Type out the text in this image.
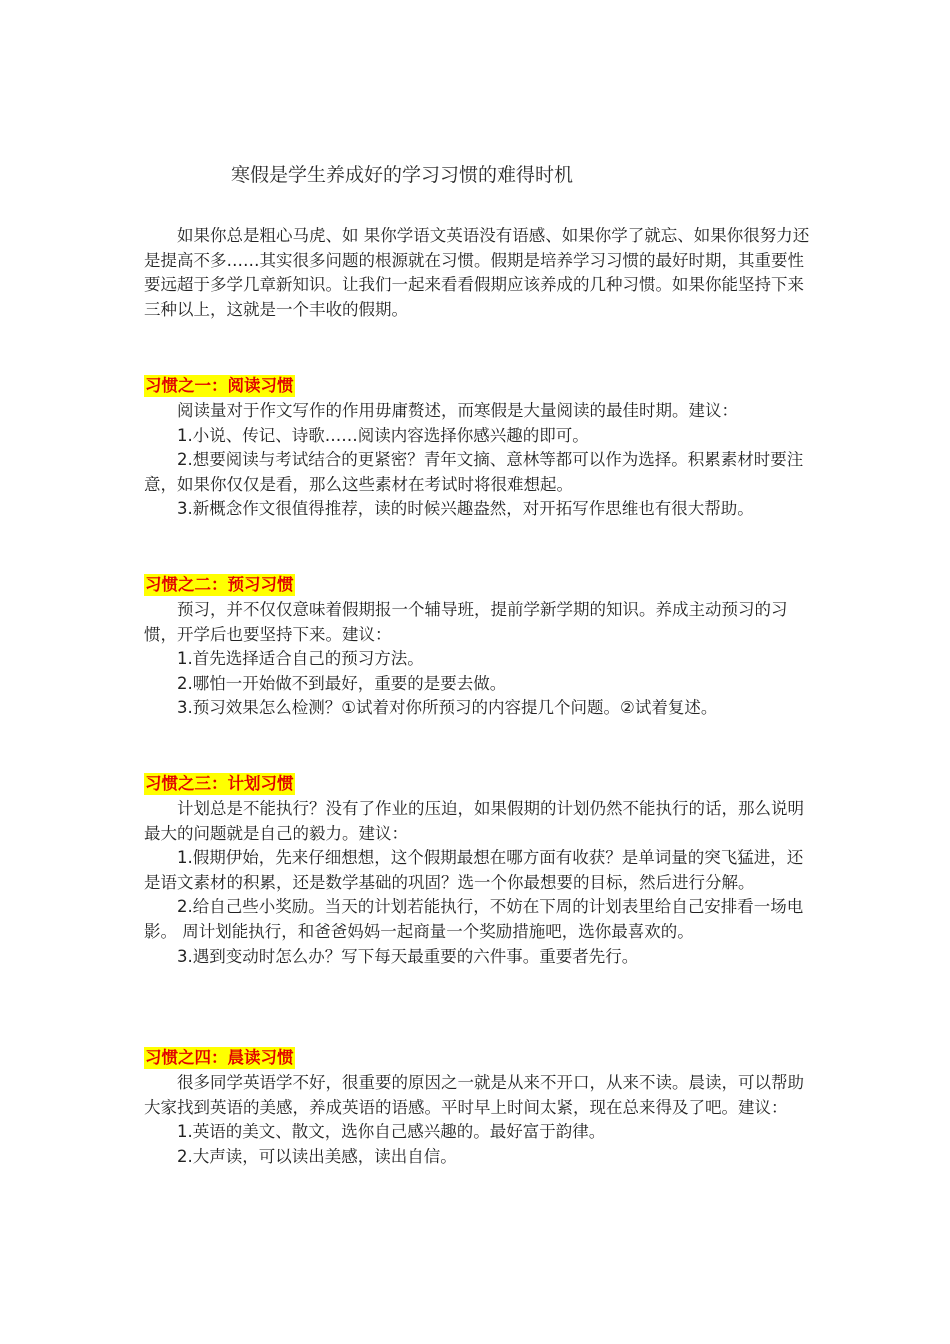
寒假是学生养成好的学习习惯的难得时机

如果你总是粗心马虎、如 果你学语文英语没有语感、如果你学了就忘、如果你很努力还是提高不多……其实很多问题的根源就在习惯。假期是培养学习习惯的最好时期，其重要性要远超于多学几章新知识。让我们一起来看看假期应该养成的几种习惯。如果你能坚持下来三种以上，这就是一个丰收的假期。

习惯之一：阅读习惯

阅读量对于作文写作的作用毋庸赘述，而寒假是大量阅读的最佳时期。建议：

1.小说、传记、诗歌……阅读内容选择你感兴趣的即可。

2.想要阅读与考试结合的更紧密？青年文摘、意林等都可以作为选择。积累素材时要注意，如果你仅仅是看，那么这些素材在考试时将很难想起。

3.新概念作文很值得推荐，读的时候兴趣盎然，对开拓写作思维也有很大帮助。

习惯之二：预习习惯

预习，并不仅仅意味着假期报一个辅导班，提前学新学期的知识。养成主动预习的习惯，开学后也要坚持下来。建议：

1.首先选择适合自己的预习方法。

2.哪怕一开始做不到最好，重要的是要去做。

3.预习效果怎么检测？①试着对你所预习的内容提几个问题。②试着复述。

习惯之三：计划习惯

计划总是不能执行？没有了作业的压迫，如果假期的计划仍然不能执行的话，那么说明最大的问题就是自己的毅力。建议：

1.假期伊始，先来仔细想想，这个假期最想在哪方面有收获？是单词量的突飞猛进，还是语文素材的积累，还是数学基础的巩固？选一个你最想要的目标，然后进行分解。

2.给自己些小奖励。当天的计划若能执行，不妨在下周的计划表里给自己安排看一场电影。 周计划能执行，和爸爸妈妈一起商量一个奖励措施吧，选你最喜欢的。

3.遇到变动时怎么办？写下每天最重要的六件事。重要者先行。

习惯之四：晨读习惯

很多同学英语学不好，很重要的原因之一就是从来不开口，从来不读。晨读，可以帮助大家找到英语的美感，养成英语的语感。平时早上时间太紧，现在总来得及了吧。建议：

1.英语的美文、散文，选你自己感兴趣的。最好富于韵律。

2.大声读，可以读出美感，读出自信。
